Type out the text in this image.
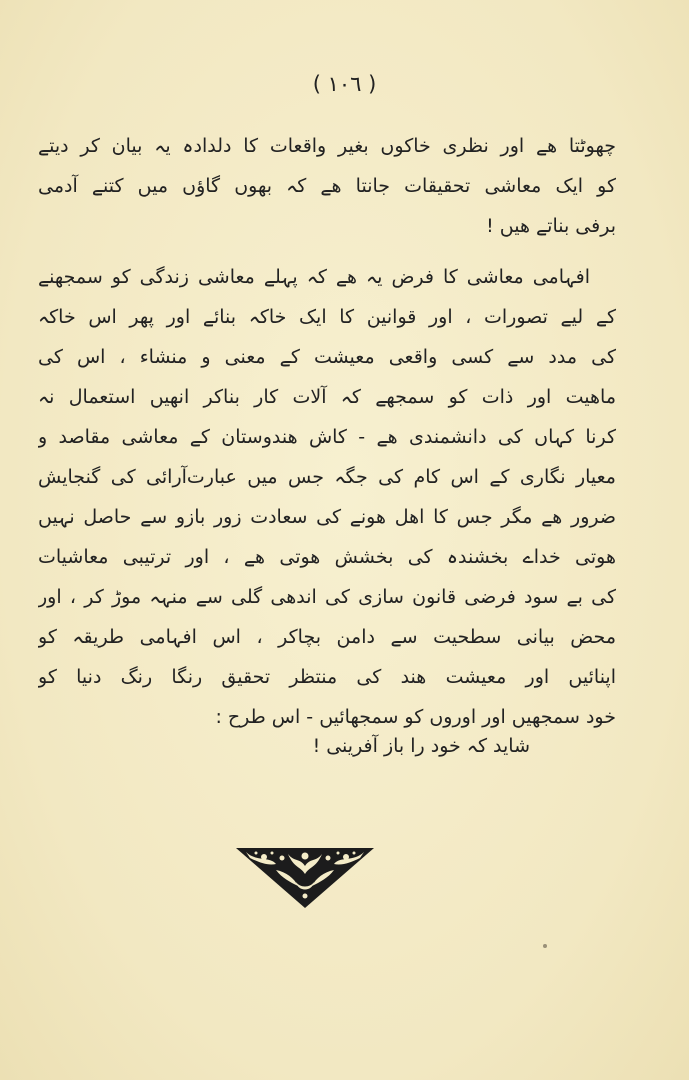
( ١٠٦ )
چھوٹتا ھے اور نظری خاکوں بغیر واقعات کا دلدادہ یہ بیان کر دیتے
کو ایک معاشی تحقیقات جانتا ھے کہ بھوں گاؤں میں کتنے آدمی
برفی بناتے ھیں !
افہامی معاشی کا فرض یہ ھے کہ پہلے معاشی زندگی کو سمجھنے
کے لیے تصورات ، اور قوانین کا ایک خاکہ بنائے اور پھر اس خاکہ
کی مدد سے کسی واقعی معیشت کے معنی و منشاء ، اس کی
ماھیت اور ذات کو سمجھے کہ آلات کار بناکر انھیں استعمال نہ
کرنا کہاں کی دانشمندی ھے - کاش ھندوستان کے معاشی مقاصد و
معیار نگاری کے اس کام کی جگہ جس میں عبارت‌آرائی کی گنجایش
ضرور ھے مگر جس کا اھل ھونے کی سعادت زور بازو سے حاصل نہیں
ھوتی خداے بخشندہ کی بخشش ھوتی ھے ، اور ترتیبی معاشیات
کی بے سود فرضی قانون سازی کی اندھی گلی سے منہہ موڑ کر ، اور
محض بیانی سطحیت سے دامن بچاکر ، اس افہامی طریقہ کو
اپنائیں اور معیشت ھند کی منتظر تحقیق رنگا رنگ دنیا کو
خود سمجھیں اور اوروں کو سمجھائیں - اس طرح :
شاید کہ خود را باز آفرینی !
